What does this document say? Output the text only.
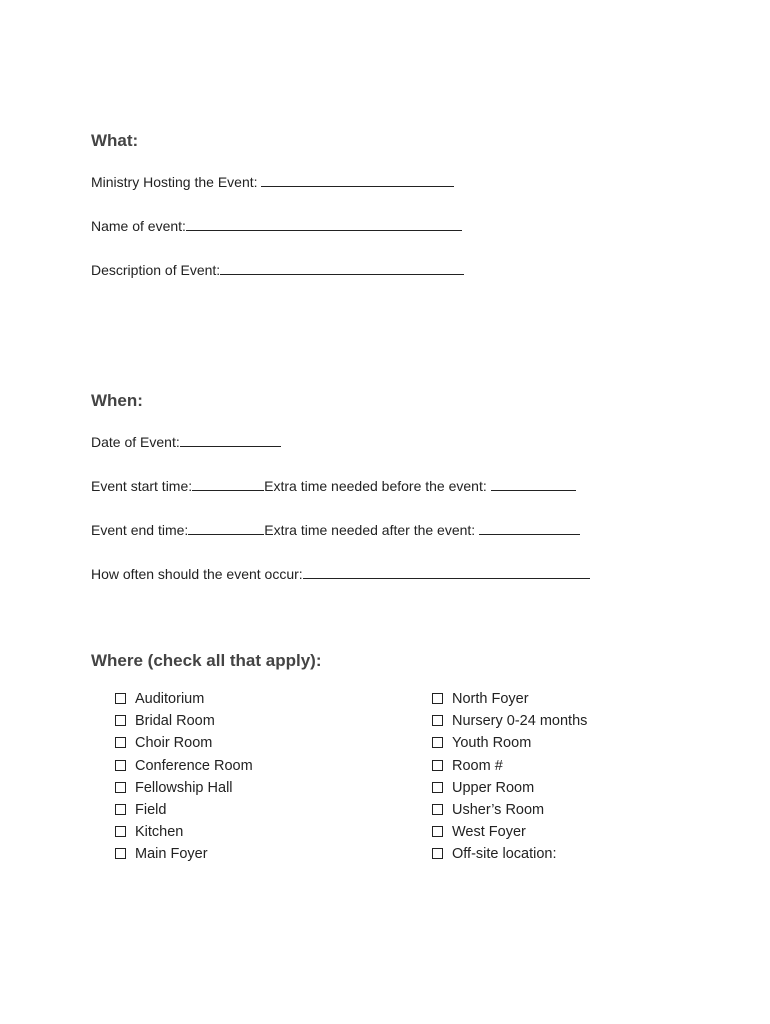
What:
Ministry Hosting the Event:
Name of event:
Description of Event:
When:
Date of Event:
Event start time:	Extra time needed before the event:
Event end time:	Extra time needed after the event:
How often should the event occur:
Where (check all that apply):
Auditorium
Bridal Room
Choir Room
Conference Room
Fellowship Hall
Field
Kitchen
Main Foyer
North Foyer
Nursery 0-24 months
Youth Room
Room #
Upper Room
Usher’s Room
West Foyer
Off-site location:
